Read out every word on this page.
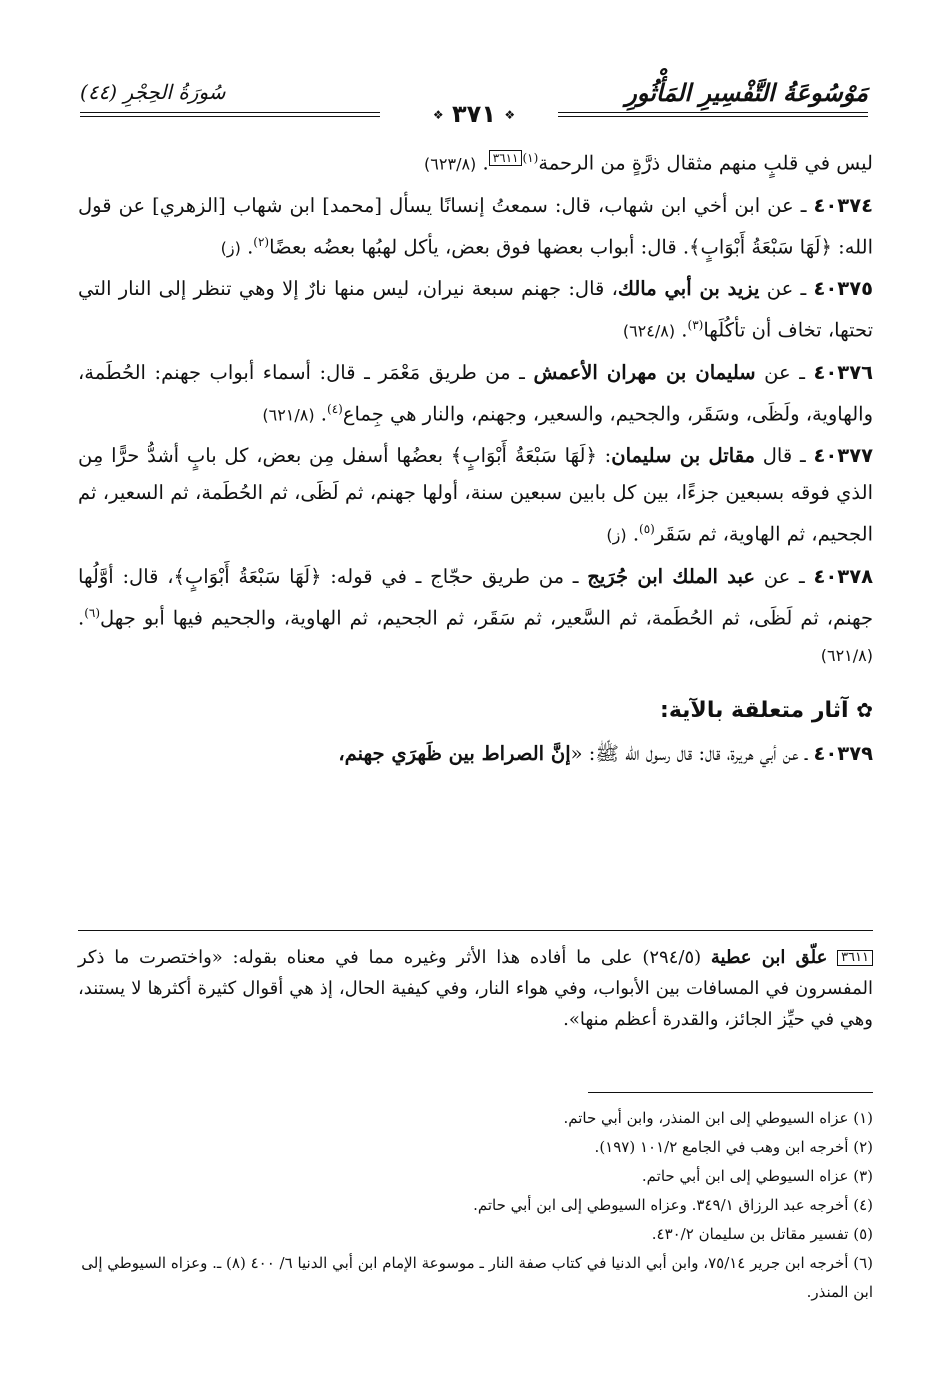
مَوْسُوعَةُ التَّفْسِيرِ المَأْثُورِ
سُورَةُ الحِجْرِ (٤٤)
❖ ٣٧١ ❖

ليس في قلبٍ منهم مثقال ذرَّةٍ من الرحمة$^{(١)}$٣٦١١. (٦٢٣/٨)

٤٠٣٧٤ ـ عن ابن أخي ابن شهاب، قال: سمعتُ إنسانًا يسأل [محمد] ابن شهاب [الزهري] عن قول الله: ﴿لَهَا سَبْعَةُ أَبْوَابٍ﴾. قال: أبواب بعضها فوق بعض، يأكل لهبُها بعضُه بعضًا$^{(٢)}$. (ز)

٤٠٣٧٥ ـ عن يزيد بن أبي مالك، قال: جهنم سبعة نيران، ليس منها نارٌ إلا وهي تنظر إلى النار التي تحتها، تخاف أن تأكُلَها$^{(٣)}$. (٦٢٤/٨)

٤٠٣٧٦ ـ عن سليمان بن مهران الأعمش ـ من طريق مَعْمَر ـ قال: أسماء أبواب جهنم: الحُطَمة، والهاوية، ولَظَى، وسَقَر، والجحيم، والسعير، وجهنم، والنار هي جِماع$^{(٤)}$. (٦٢١/٨)

٤٠٣٧٧ ـ قال مقاتل بن سليمان: ﴿لَهَا سَبْعَةُ أَبْوَابٍ﴾ بعضُها أسفل مِن بعض، كل بابٍ أشدُّ حرًّا مِن الذي فوقه بسبعين جزءًا، بين كل بابين سبعين سنة، أولها جهنم، ثم لَظَى، ثم الحُطَمة، ثم السعير، ثم الجحيم، ثم الهاوية، ثم سَقَر$^{(٥)}$. (ز)

٤٠٣٧٨ ـ عن عبد الملك ابن جُرَيج ـ من طريق حجّاج ـ في قوله: ﴿لَهَا سَبْعَةُ أَبْوَابٍ﴾، قال: أوَّلُها جهنم، ثم لَظَى، ثم الحُطَمة، ثم السَّعير، ثم سَقَر، ثم الجحيم، ثم الهاوية، والجحيم فيها أبو جهل$^{(٦)}$. (٦٢١/٨)

✿ آثار متعلقة بالآية:

٤٠٣٧٩ ـ عن أبي هريرة، قال: قال رسول الله ﷺ: «إنَّ الصراط بين ظَهرَي جهنم،

٣٦١١ علّق ابن عطية (٢٩٤/٥) على ما أفاده هذا الأثر وغيره مما في معناه بقوله: «واختصرت ما ذكر المفسرون في المسافات بين الأبواب، وفي هواء النار، وفي كيفية الحال، إذ هي أقوال كثيرة أكثرها لا يستند، وهي في حيِّز الجائز، والقدرة أعظم منها».

(١) عزاه السيوطي إلى ابن المنذر، وابن أبي حاتم.

(٢) أخرجه ابن وهب في الجامع ١٠١/٢ (١٩٧).

(٣) عزاه السيوطي إلى ابن أبي حاتم.

(٤) أخرجه عبد الرزاق ٣٤٩/١. وعزاه السيوطي إلى ابن أبي حاتم.

(٥) تفسير مقاتل بن سليمان ٤٣٠/٢.

(٦) أخرجه ابن جرير ٧٥/١٤، وابن أبي الدنيا في كتاب صفة النار ـ موسوعة الإمام ابن أبي الدنيا ٦/ ٤٠٠ (٨) ـ. وعزاه السيوطي إلى ابن المنذر.
